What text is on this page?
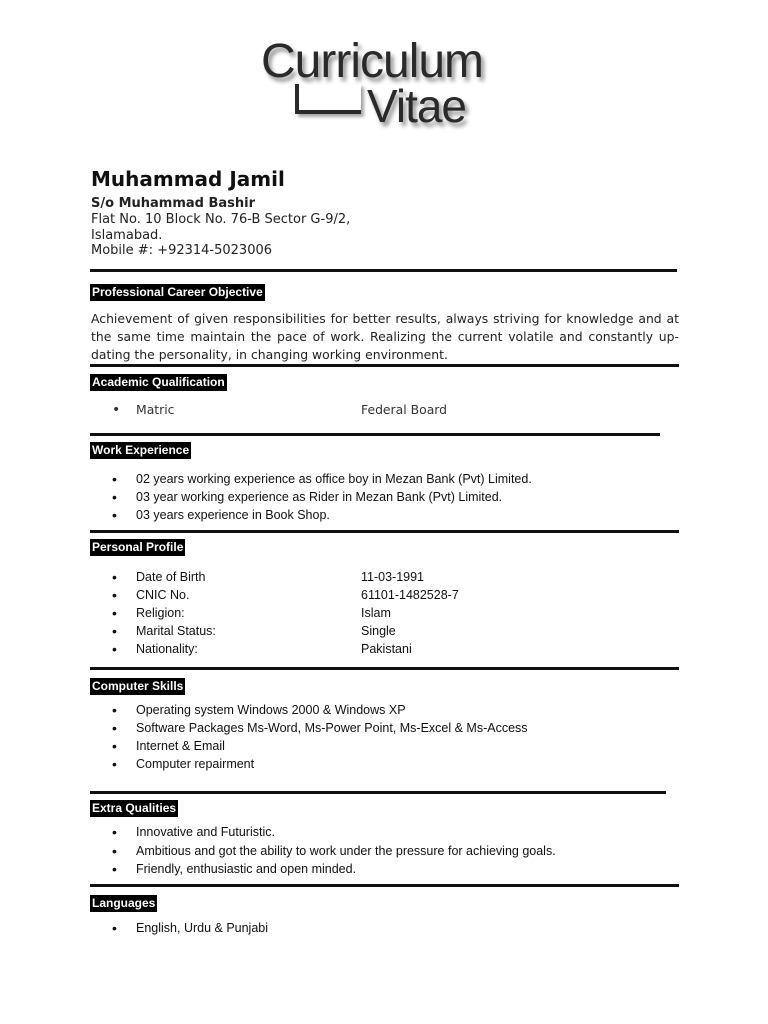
Curriculum
Vitae
Muhammad Jamil
S/o Muhammad Bashir
Flat No. 10 Block No. 76-B Sector G-9/2,
Islamabad.
Mobile #: +92314-5023006
Professional Career Objective
Achievement of given responsibilities for better results, always striving for knowledge and at the same time maintain the pace of work. Realizing the current volatile and constantly up-dating the personality, in changing working environment.
Academic Qualification
• Matric	Federal Board
Work Experience
• 02 years working experience as office boy in Mezan Bank (Pvt) Limited.
• 03 year working experience as Rider in Mezan Bank (Pvt) Limited.
• 03 years experience in Book Shop.
Personal Profile
• Date of Birth	11-03-1991
• CNIC No.	61101-1482528-7
• Religion:	Islam
• Marital Status:	Single
• Nationality:	Pakistani
Computer Skills
• Operating system Windows 2000 & Windows XP
• Software Packages Ms-Word, Ms-Power Point, Ms-Excel & Ms-Access
• Internet & Email
• Computer repairment
Extra Qualities
• Innovative and Futuristic.
• Ambitious and got the ability to work under the pressure for achieving goals.
• Friendly, enthusiastic and open minded.
Languages
• English, Urdu & Punjabi
